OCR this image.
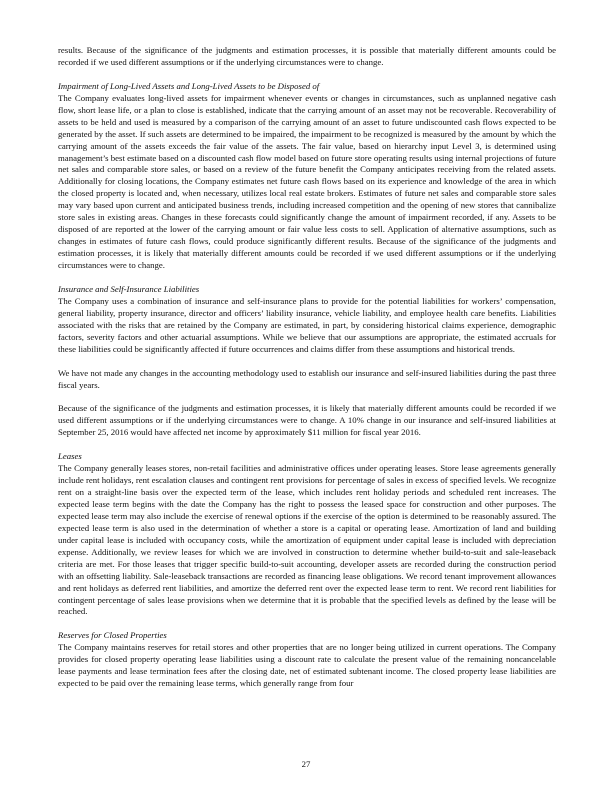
results. Because of the significance of the judgments and estimation processes, it is possible that materially different amounts could be recorded if we used different assumptions or if the underlying circumstances were to change.

Impairment of Long-Lived Assets and Long-Lived Assets to be Disposed of

The Company evaluates long-lived assets for impairment whenever events or changes in circumstances, such as unplanned negative cash flow, short lease life, or a plan to close is established, indicate that the carrying amount of an asset may not be recoverable. Recoverability of assets to be held and used is measured by a comparison of the carrying amount of an asset to future undiscounted cash flows expected to be generated by the asset. If such assets are determined to be impaired, the impairment to be recognized is measured by the amount by which the carrying amount of the assets exceeds the fair value of the assets. The fair value, based on hierarchy input Level 3, is determined using management’s best estimate based on a discounted cash flow model based on future store operating results using internal projections of future net sales and comparable store sales, or based on a review of the future benefit the Company anticipates receiving from the related assets. Additionally for closing locations, the Company estimates net future cash flows based on its experience and knowledge of the area in which the closed property is located and, when necessary, utilizes local real estate brokers. Estimates of future net sales and comparable store sales may vary based upon current and anticipated business trends, including increased competition and the opening of new stores that cannibalize store sales in existing areas. Changes in these forecasts could significantly change the amount of impairment recorded, if any. Assets to be disposed of are reported at the lower of the carrying amount or fair value less costs to sell. Application of alternative assumptions, such as changes in estimates of future cash flows, could produce significantly different results. Because of the significance of the judgments and estimation processes, it is likely that materially different amounts could be recorded if we used different assumptions or if the underlying circumstances were to change.

Insurance and Self-Insurance Liabilities

The Company uses a combination of insurance and self-insurance plans to provide for the potential liabilities for workers’ compensation, general liability, property insurance, director and officers’ liability insurance, vehicle liability, and employee health care benefits. Liabilities associated with the risks that are retained by the Company are estimated, in part, by considering historical claims experience, demographic factors, severity factors and other actuarial assumptions. While we believe that our assumptions are appropriate, the estimated accruals for these liabilities could be significantly affected if future occurrences and claims differ from these assumptions and historical trends.

We have not made any changes in the accounting methodology used to establish our insurance and self-insured liabilities during the past three fiscal years.

Because of the significance of the judgments and estimation processes, it is likely that materially different amounts could be recorded if we used different assumptions or if the underlying circumstances were to change. A 10% change in our insurance and self-insured liabilities at September 25, 2016 would have affected net income by approximately $11 million for fiscal year 2016.

Leases

The Company generally leases stores, non-retail facilities and administrative offices under operating leases. Store lease agreements generally include rent holidays, rent escalation clauses and contingent rent provisions for percentage of sales in excess of specified levels. We recognize rent on a straight-line basis over the expected term of the lease, which includes rent holiday periods and scheduled rent increases. The expected lease term begins with the date the Company has the right to possess the leased space for construction and other purposes. The expected lease term may also include the exercise of renewal options if the exercise of the option is determined to be reasonably assured. The expected lease term is also used in the determination of whether a store is a capital or operating lease. Amortization of land and building under capital lease is included with occupancy costs, while the amortization of equipment under capital lease is included with depreciation expense. Additionally, we review leases for which we are involved in construction to determine whether build-to-suit and sale-leaseback criteria are met. For those leases that trigger specific build-to-suit accounting, developer assets are recorded during the construction period with an offsetting liability. Sale-leaseback transactions are recorded as financing lease obligations. We record tenant improvement allowances and rent holidays as deferred rent liabilities, and amortize the deferred rent over the expected lease term to rent. We record rent liabilities for contingent percentage of sales lease provisions when we determine that it is probable that the specified levels as defined by the lease will be reached.

Reserves for Closed Properties

The Company maintains reserves for retail stores and other properties that are no longer being utilized in current operations. The Company provides for closed property operating lease liabilities using a discount rate to calculate the present value of the remaining noncancelable lease payments and lease termination fees after the closing date, net of estimated subtenant income. The closed property lease liabilities are expected to be paid over the remaining lease terms, which generally range from four

27
